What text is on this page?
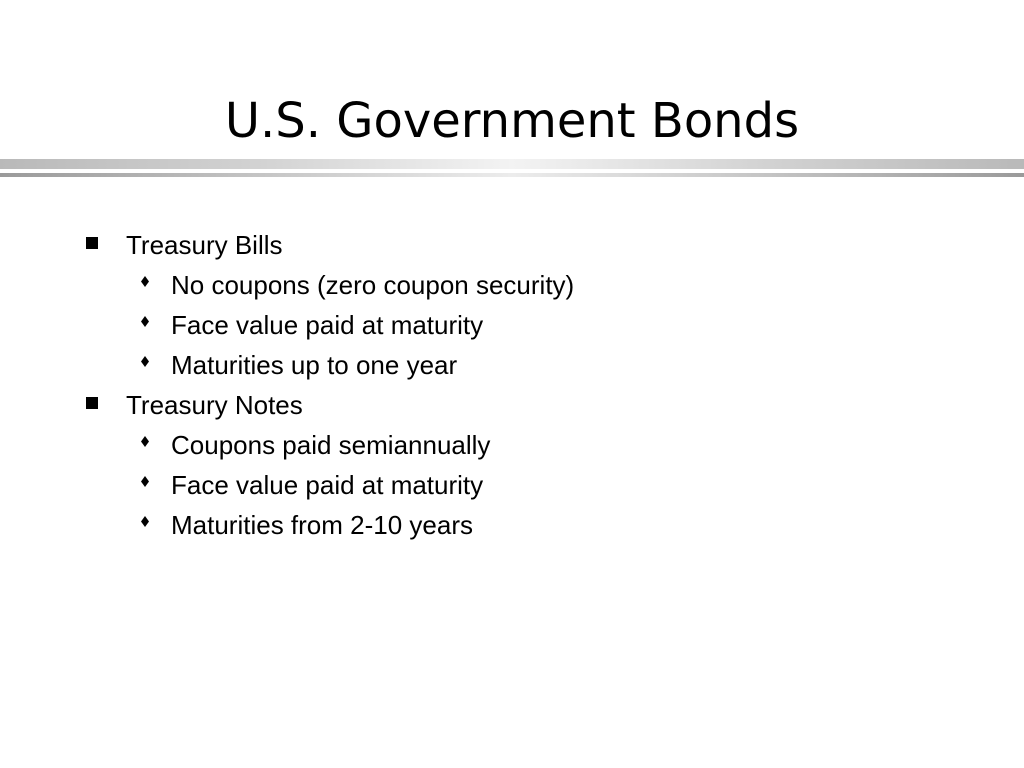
U.S. Government Bonds
Treasury Bills
No coupons (zero coupon security)
Face value paid at maturity
Maturities up to one year
Treasury Notes
Coupons paid semiannually
Face value paid at maturity
Maturities from 2-10 years
